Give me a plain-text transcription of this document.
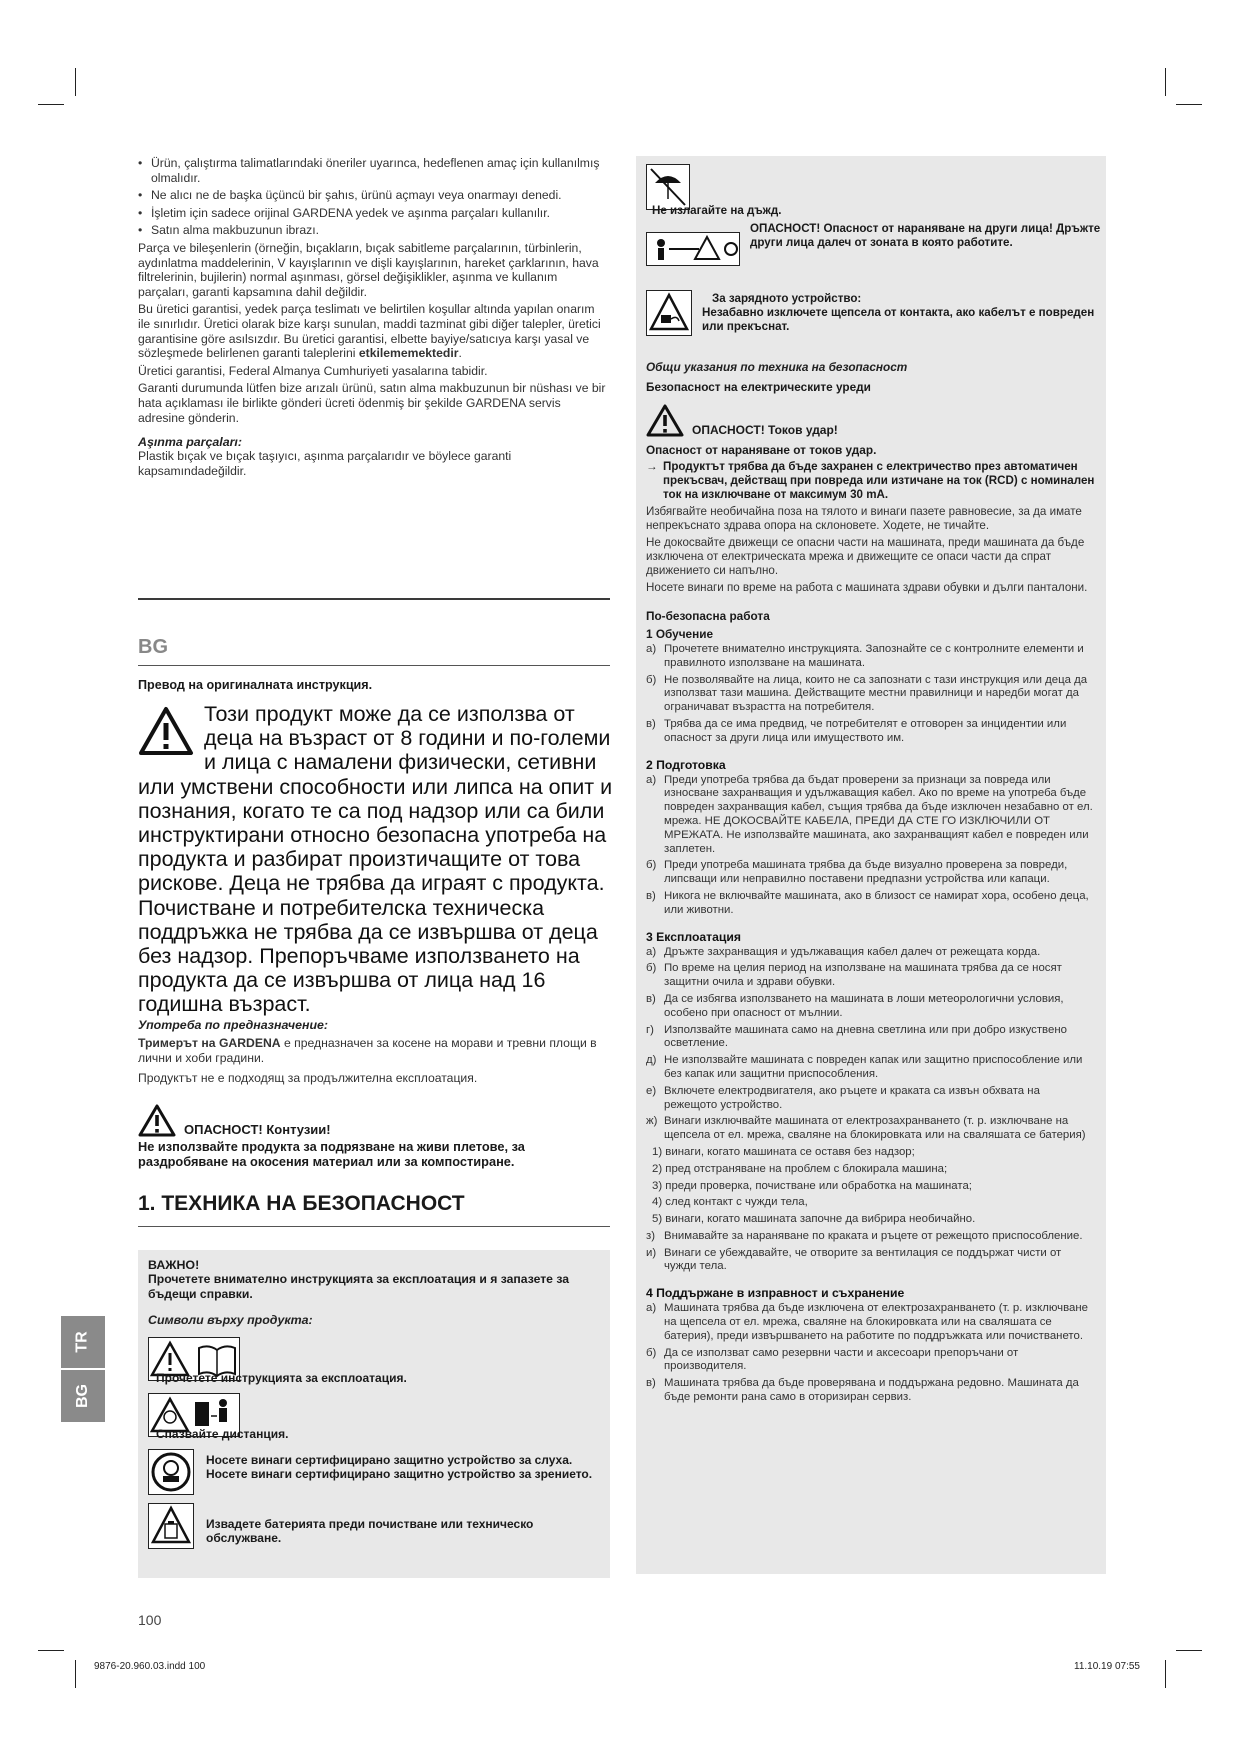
TR
BG

• Ürün, çalıştırma talimatlarındaki öneriler uyarınca, hedeflenen amaç için kullanılmış olmalıdır.

• Ne alıcı ne de başka üçüncü bir şahıs, ürünü açmayı veya onarmayı denedi.

• İşletim için sadece orijinal GARDENA yedek ve aşınma parçaları kullanılır.

• Satın alma makbuzunun ibrazı.

Parça ve bileşenlerin (örneğin, bıçakların, bıçak sabitleme parçalarının, türbinlerin, aydınlatma maddelerinin, V kayışlarının ve dişli kayışlarının, hareket çarklarının, hava filtrelerinin, bujilerin) normal aşınması, görsel değişiklikler, aşınma ve kullanım parçaları, garanti kapsamına dahil değildir.

Bu üretici garantisi, yedek parça teslimatı ve belirtilen koşullar altında yapılan onarım ile sınırlıdır. Üretici olarak bize karşı sunulan, maddi tazminat gibi diğer talepler, üretici garantisine göre asılsızdır. Bu üretici garantisi, elbette bayiye/satıcıya karşı yasal ve sözleşmede belirlenen garanti taleplerini etkilememektedir.

Üretici garantisi, Federal Almanya Cumhuriyeti yasalarına tabidir.

Garanti durumunda lütfen bize arızalı ürünü, satın alma makbuzunun bir nüshası ve bir hata açıklaması ile birlikte gönderi ücreti ödenmiş bir şekilde GARDENA servis adresine gönderin.

Aşınma parçaları:

Plastik bıçak ve bıçak taşıyıcı, aşınma parçalarıdır ve böylece garanti kapsamındadeğildir.

BG

Превод на оригиналната инструкция.

Този продукт може да се използва от деца на възраст от 8 години и по-големи и лица с намалени физически, сетивни или умствени способности или липса на опит и познания, когато те са под надзор или са били инструктирани относно безопасна употреба на продукта и разбират произтичащите от това рискове. Деца не трябва да играят с продукта. Почистване и потребителска техническа поддръжка не трябва да се извършва от деца без надзор. Препоръчваме използването на продукта да се извършва от лица над 16 годишна възраст.

Употреба по предназначение:

Тримерът на GARDENA е предназначен за косене на морави и тревни площи в лични и хоби градини.

Продуктът не е подходящ за продължителна експлоатация.

ОПАСНОСТ! Контузии!

Не използвайте продукта за подрязване на живи плетове, за раздробяване на окосения материал или за компостиране.

1. ТЕХНИКА НА БЕЗОПАСНОСТ

ВАЖНО!

Прочетете внимателно инструкцията за експлоатация и я запазете за бъдещи справки.

Символи върху продукта:

Прочетете инструкцията за експлоатация.

Спазвайте дистанция.

Носете винаги сертифицирано защитно устройство за слуха. Носете винаги сертифицирано защитно устройство за зрението.

Извадете батерията преди почистване или техническо обслужване.

100

Не излагайте на дъжд.

ОПАСНОСТ! Опасност от нараняване на други лица! Дръжте други лица далеч от зоната в която работите.

За зарядното устройство:
Незабавно изключете щепсела от контакта, ако кабелът е повреден или прекъснат.

Общи указания по техника на безопасност

Безопасност на електрическите уреди

ОПАСНОСТ! Токов удар!

Опасност от нараняване от токов удар.

→ Продуктът трябва да бъде захранен с електричество през автоматичен прекъсвач, действащ при повреда или изтичане на ток (RCD) с номинален ток на изключване от максимум 30 mA.

Избягвайте необичайна поза на тялото и винаги пазете равновесие, за да имате непрекъснато здрава опора на склоновете. Ходете, не тичайте.

Не докосвайте движещи се опасни части на машината, преди машината да бъде изключена от електрическата мрежа и движещите се опаси части да спрат движението си напълно.

Носете винаги по време на работа с машината здрави обувки и дълги панталони.

По-безопасна работа

1 Обучение

а) Прочетете внимателно инструкцията. Запознайте се с контролните елементи и правилното използване на машината.

б) Не позволявайте на лица, които не са запознати с тази инструкция или деца да използват тази машина. Действащите местни правилници и наредби могат да ограничават възрастта на потребителя.

в) Трябва да се има предвид, че потребителят е отговорен за инцидентии или опасност за други лица или имуществото им.

2 Подготовка

а) Преди употреба трябва да бъдат проверени за признаци за повреда или износване захранващия и удължаващия кабел. Ако по време на употреба бъде повреден захранващия кабел, същия трябва да бъде изключен незабавно от ел. мрежа. НЕ ДОКОСВАЙТЕ КАБЕЛА, ПРЕДИ ДА СТЕ ГО ИЗКЛЮЧИЛИ ОТ МРЕЖАТА. Не използвайте машината, ако захранващият кабел е повреден или заплетен.

б) Преди употреба машината трябва да бъде визуално проверена за повреди, липсващи или неправилно поставени предпазни устройства или капаци.

в) Никога не включвайте машината, ако в близост се намират хора, особено деца, или животни.

3 Експлоатация

а) Дръжте захранващия и удължаващия кабел далеч от режещата корда.

б) По време на целия период на използване на машината трябва да се носят защитни очила и здрави обувки.

в) Да се избягва използването на машината в лоши метеорологични условия, особено при опасност от мълнии.

г) Използвайте машината само на дневна светлина или при добро изкуствено осветление.

д) Не използвайте машината с повреден капак или защитно приспособление или без капак или защитни приспособления.

е) Включете електродвигателя, ако ръцете и краката са извън обхвата на режещото устройство.

ж) Винаги изключвайте машината от електрозахранването (т. р. изключване на щепсела от ел. мрежа, сваляне на блокировката или на сваляшата се батерия)

1) винаги, когато машината се оставя без надзор;

2) пред отстраняване на проблем с блокирала машина;

3) преди проверка, почистване или обработка на машината;

4) след контакт с чужди тела,

5) винаги, когато машината започне да вибрира необичайно.

з) Внимавайте за нараняване по краката и ръцете от режещото приспособление.

и) Винаги се убеждавайте, че отворите за вентилация се поддържат чисти от чужди тела.

4 Поддържане в изправност и съхранение

а) Машината трябва да бъде изключена от електрозахранването (т. р. изключване на щепсела от ел. мрежа, сваляне на блокировката или на сваляшата се батерия), преди извършването на работите по поддръжката или почистването.

б) Да се използват само резервни части и аксесоари препоръчани от производителя.

в) Машината трябва да бъде проверявана и поддържана редовно. Машината да бъде ремонти рана само в оторизиран сервиз.

9876-20.960.03.indd 100	11.10.19 07:55
